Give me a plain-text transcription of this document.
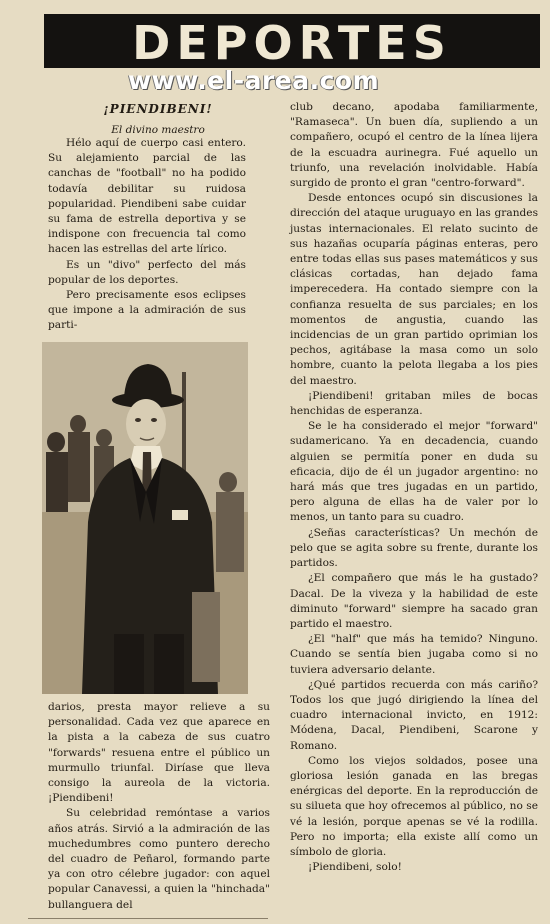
DEPORTES
www.el-area.com
¡PIENDIBENI!
El divino maestro

Hélo aquí de cuerpo casi entero. Su alejamiento parcial de las canchas de "football" no ha podido todavía debilitar su ruidosa popularidad. Piendibeni sabe cuidar su fama de estrella deportiva y se indispone con frecuencia tal como hacen las estrellas del arte lírico.

Es un "divo" perfecto del más popular de los deportes.

Pero precisamente esos eclipses que impone a la admiración de sus parti-

darios, presta mayor relieve a su personalidad. Cada vez que aparece en la pista a la cabeza de sus cuatro "forwards" resuena entre el público un murmullo triunfal. Diríase que lleva consigo la aureola de la victoria. ¡Piendibeni!

Su celebridad remóntase a varios años atrás. Sirvió a la admiración de las muchedumbres como puntero derecho del cuadro de Peñarol, formando parte ya con otro célebre jugador: con aquel popular Canavessi, a quien la "hinchada" bullanguera del

club decano, apodaba familiarmente, "Ramaseca". Un buen día, supliendo a un compañero, ocupó el centro de la línea lijera de la escuadra aurinegra. Fué aquello un triunfo, una revelación inolvidable. Había surgido de pronto el gran "centro-forward".

Desde entonces ocupó sin discusiones la dirección del ataque uruguayo en las grandes justas internacionales. El relato sucinto de sus hazañas ocuparía páginas enteras, pero entre todas ellas sus pases matemáticos y sus clásicas cortadas, han dejado fama imperecedera. Ha contado siempre con la confianza resuelta de sus parciales; en los momentos de angustia, cuando las incidencias de un gran partido oprimian los pechos, agitábase la masa como un solo hombre, cuanto la pelota llegaba a los pies del maestro.

¡Piendibeni! gritaban miles de bocas henchidas de esperanza.

Se le ha considerado el mejor "forward" sudamericano. Ya en decadencia, cuando alguien se permitía poner en duda su eficacia, dijo de él un jugador argentino: no hará más que tres jugadas en un partido, pero alguna de ellas ha de valer por lo menos, un tanto para su cuadro.

¿Señas características? Un mechón de pelo que se agita sobre su frente, durante los partidos.

¿El compañero que más le ha gustado? Dacal. De la viveza y la habilidad de este diminuto "forward" siempre ha sacado gran partido el maestro.

¿El "half" que más ha temido? Ninguno. Cuando se sentía bien jugaba como si no tuviera adversario delante.

¿Qué partidos recuerda con más cariño? Todos los que jugó dirigiendo la línea del cuadro internacional invicto, en 1912: Módena, Dacal, Piendibeni, Scarone y Romano.

Como los viejos soldados, posee una gloriosa lesión ganada en las bregas enérgicas del deporte. En la reproducción de su silueta que hoy ofrecemos al público, no se vé la lesión, porque apenas se vé la rodilla. Pero no importa; ella existe allí como un símbolo de gloria.

¡Piendibeni, solo!
